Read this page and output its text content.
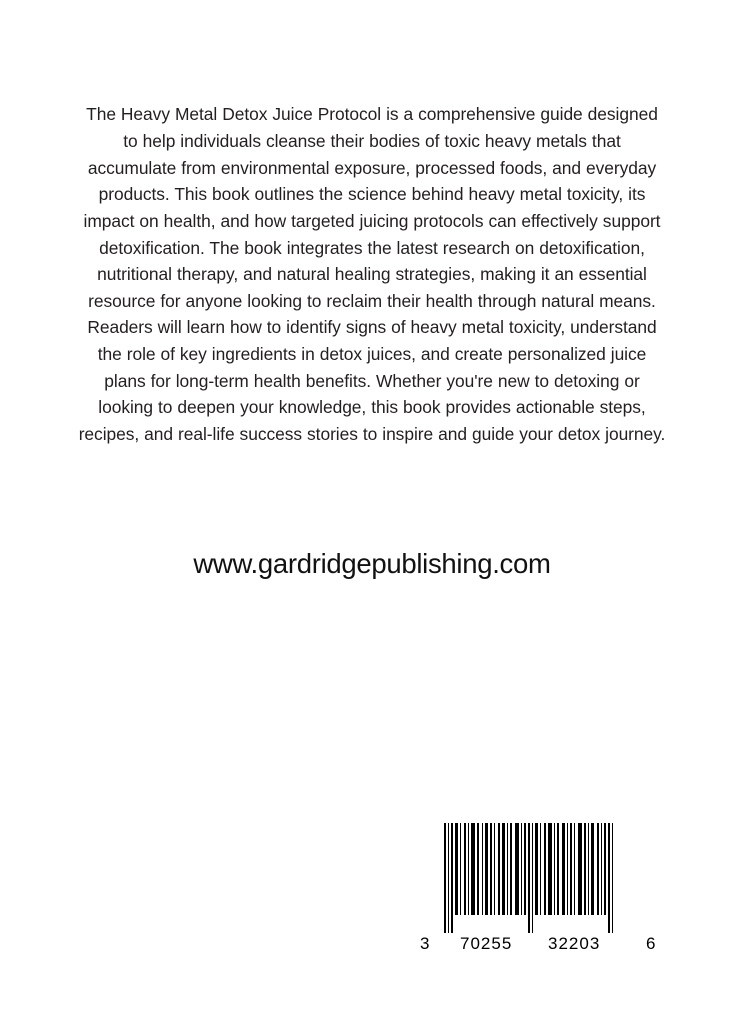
The Heavy Metal Detox Juice Protocol is a comprehensive guide designed to help individuals cleanse their bodies of toxic heavy metals that accumulate from environmental exposure, processed foods, and everyday products. This book outlines the science behind heavy metal toxicity, its impact on health, and how targeted juicing protocols can effectively support detoxification. The book integrates the latest research on detoxification, nutritional therapy, and natural healing strategies, making it an essential resource for anyone looking to reclaim their health through natural means. Readers will learn how to identify signs of heavy metal toxicity, understand the role of key ingredients in detox juices, and create personalized juice plans for long-term health benefits. Whether you're new to detoxing or looking to deepen your knowledge, this book provides actionable steps, recipes, and real-life success stories to inspire and guide your detox journey.

www.gardridgepublishing.com
3 70255 32203	6
